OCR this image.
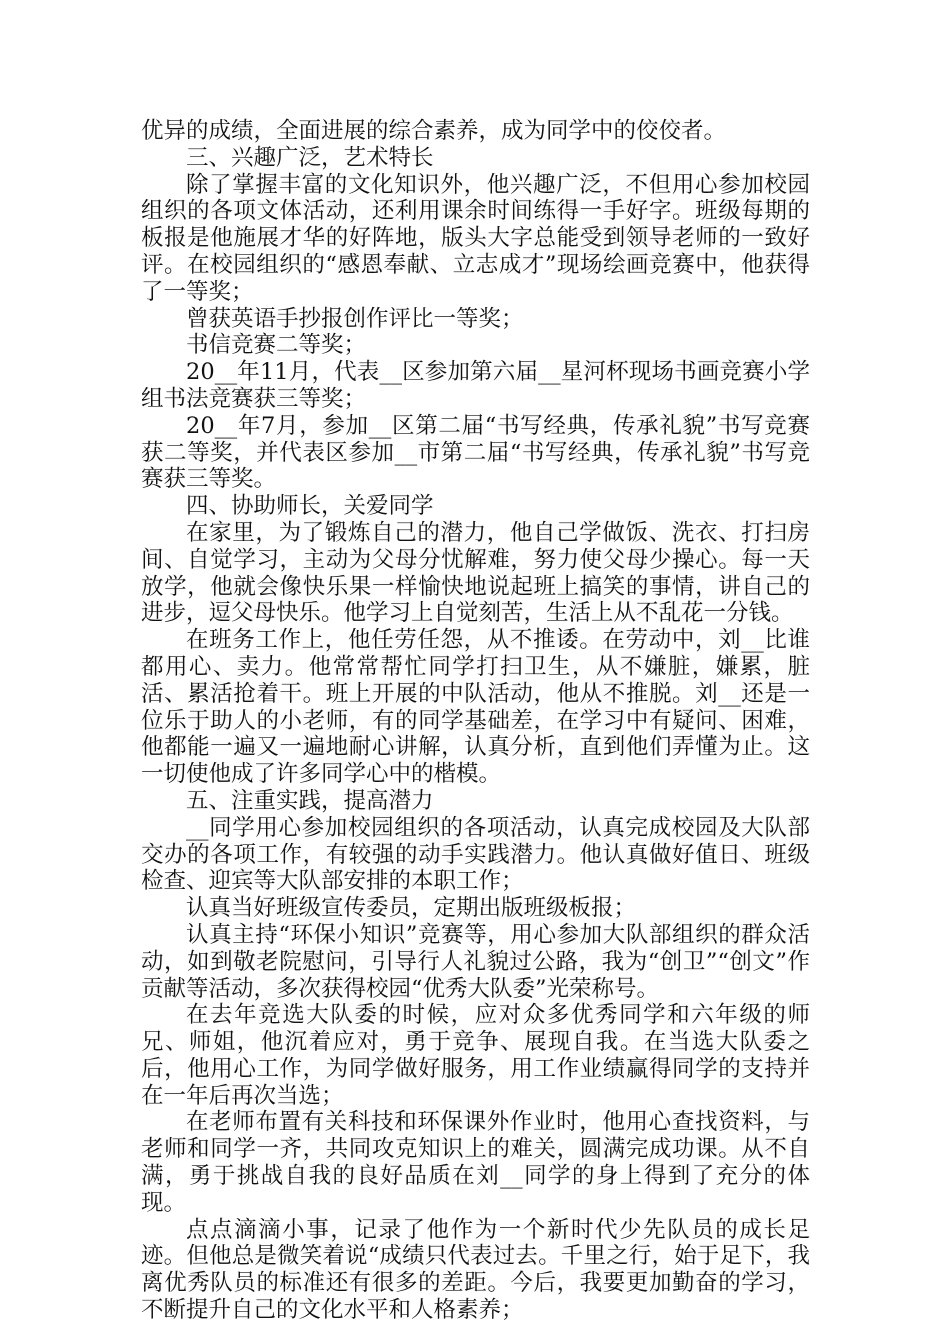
优异的成绩，全面进展的综合素养，成为同学中的佼佼者。

三、兴趣广泛，艺术特长

除了掌握丰富的文化知识外，他兴趣广泛，不但用心参加校园组织的各项文体活动，还利用课余时间练得一手好字。班级每期的板报是他施展才华的好阵地，版头大字总能受到领导老师的一致好评。在校园组织的“感恩奉献、立志成才”现场绘画竞赛中，他获得了一等奖；

曾获英语手抄报创作评比一等奖；

书信竞赛二等奖；

20__年11月，代表__区参加第六届__星河杯现场书画竞赛小学组书法竞赛获三等奖；

20__年7月，参加__区第二届“书写经典，传承礼貌”书写竞赛获二等奖，并代表区参加__市第二届“书写经典，传承礼貌”书写竞赛获三等奖。

四、协助师长，关爱同学

在家里，为了锻炼自己的潜力，他自己学做饭、洗衣、打扫房间、自觉学习，主动为父母分忧解难，努力使父母少操心。每一天放学，他就会像快乐果一样愉快地说起班上搞笑的事情，讲自己的进步，逗父母快乐。他学习上自觉刻苦，生活上从不乱花一分钱。

在班务工作上，他任劳任怨，从不推诿。在劳动中，刘__比谁都用心、卖力。他常常帮忙同学打扫卫生，从不嫌脏，嫌累，脏活、累活抢着干。班上开展的中队活动，他从不推脱。刘__还是一位乐于助人的小老师，有的同学基础差，在学习中有疑问、困难，他都能一遍又一遍地耐心讲解，认真分析，直到他们弄懂为止。这一切使他成了许多同学心中的楷模。

五、注重实践，提高潜力

__同学用心参加校园组织的各项活动，认真完成校园及大队部交办的各项工作，有较强的动手实践潜力。他认真做好值日、班级检查、迎宾等大队部安排的本职工作；

认真当好班级宣传委员，定期出版班级板报；

认真主持“环保小知识”竞赛等，用心参加大队部组织的群众活动，如到敬老院慰问，引导行人礼貌过公路，我为“创卫”“创文”作贡献等活动，多次获得校园“优秀大队委”光荣称号。

在去年竞选大队委的时候，应对众多优秀同学和六年级的师兄、师姐，他沉着应对，勇于竞争、展现自我。在当选大队委之后，他用心工作，为同学做好服务，用工作业绩赢得同学的支持并在一年后再次当选；

在老师布置有关科技和环保课外作业时，他用心查找资料，与老师和同学一齐，共同攻克知识上的难关，圆满完成功课。从不自满，勇于挑战自我的良好品质在刘__同学的身上得到了充分的体现。

点点滴滴小事，记录了他作为一个新时代少先队员的成长足迹。但他总是微笑着说“成绩只代表过去。千里之行，始于足下，我离优秀队员的标准还有很多的差距。今后，我要更加勤奋的学习，不断提升自己的文化水平和人格素养；
